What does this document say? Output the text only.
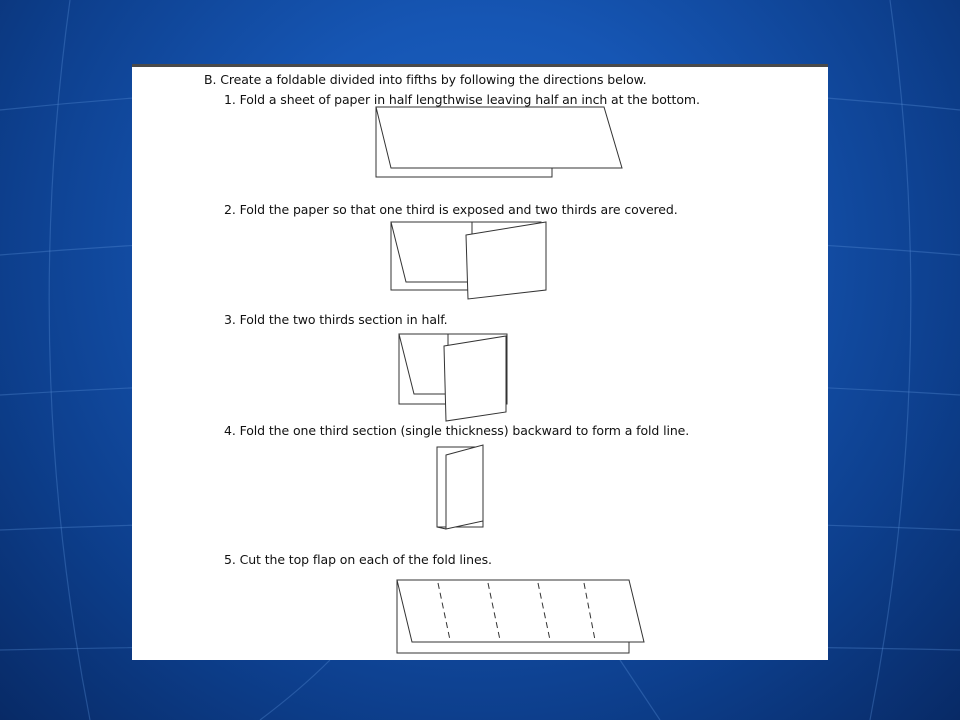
B. Create a foldable divided into fifths by following the directions below.
1. Fold a sheet of paper in half lengthwise leaving half an inch at the bottom.
2. Fold the paper so that one third is exposed and two thirds are covered.
3. Fold the two thirds section in half.
4. Fold the one third section (single thickness) backward to form a fold line.
5. Cut the top flap on each of the fold lines.
